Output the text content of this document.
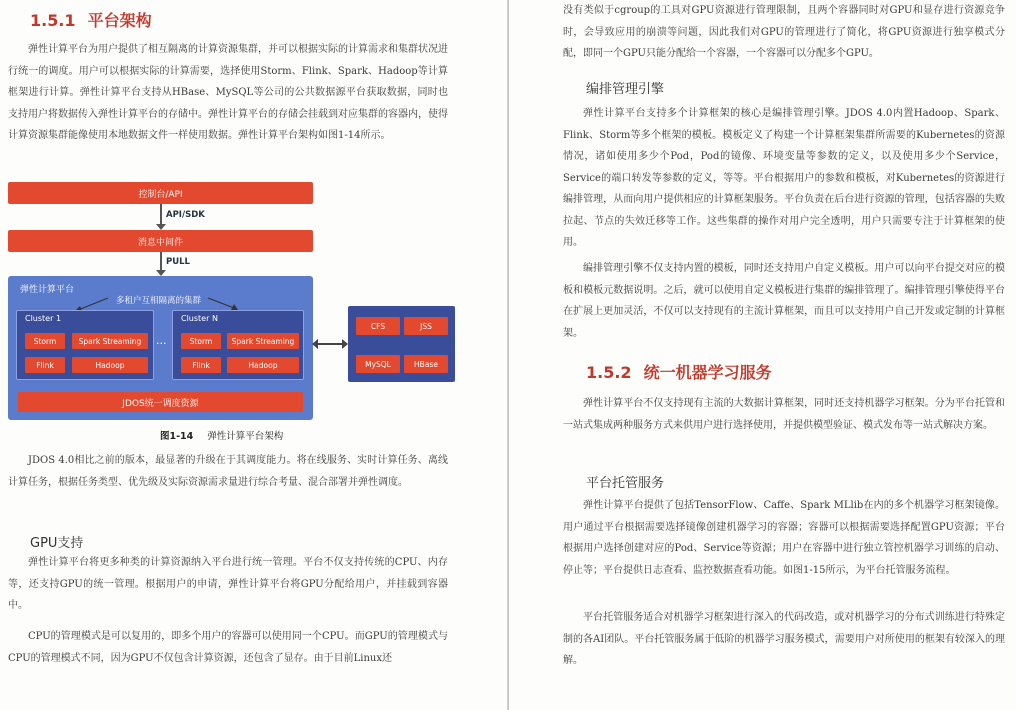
1.5.1 平台架构

弹性计算平台为用户提供了相互隔离的计算资源集群，并可以根据实际的计算需求和集群状况进行统一的调度。用户可以根据实际的计算需要，选择使用Storm、Flink、Spark、Hadoop等计算框架进行计算。弹性计算平台支持从HBase、MySQL等公司的公共数据源平台获取数据，同时也支持用户将数据传入弹性计算平台的存储中。弹性计算平台的存储会挂载到对应集群的容器内，使得计算资源集群能像使用本地数据文件一样使用数据。弹性计算平台架构如图1-14所示。

控制台/API
API/SDK
消息中间件
PULL
弹性计算平台
多租户互相隔离的集群
Cluster 1
Storm	Spark Streaming
Flink	Hadoop
...
Cluster N
Storm	Spark Streaming
Flink	Hadoop
JDOS统一调度资源
CFS	JSS
MySQL	HBase
图1-14 弹性计算平台架构

JDOS 4.0相比之前的版本，最显著的升级在于其调度能力。将在线服务、实时计算任务、离线计算任务，根据任务类型、优先级及实际资源需求量进行综合考量、混合部署并弹性调度。

GPU支持

弹性计算平台将更多种类的计算资源纳入平台进行统一管理。平台不仅支持传统的CPU、内存等，还支持GPU的统一管理。根据用户的申请，弹性计算平台将GPU分配给用户，并挂载到容器中。

CPU的管理模式是可以复用的，即多个用户的容器可以使用同一个CPU。而GPU的管理模式与CPU的管理模式不同，因为GPU不仅包含计算资源，还包含了显存。由于目前Linux还

没有类似于cgroup的工具对GPU资源进行管理限制，且两个容器同时对GPU和显存进行资源竞争时，会导致应用的崩溃等问题，因此我们对GPU的管理进行了简化，将GPU资源进行独享模式分配，即同一个GPU只能分配给一个容器，一个容器可以分配多个GPU。

编排管理引擎

弹性计算平台支持多个计算框架的核心是编排管理引擎。JDOS 4.0内置Hadoop、Spark、Flink、Storm等多个框架的模板。模板定义了构建一个计算框架集群所需要的Kubernetes的资源情况，诸如使用多少个Pod，Pod的镜像、环境变量等参数的定义，以及使用多少个Service，Service的端口转发等参数的定义，等等。平台根据用户的参数和模板，对Kubernetes的资源进行编排管理，从而向用户提供相应的计算框架服务。平台负责在后台进行资源的管理，包括容器的失败拉起、节点的失效迁移等工作。这些集群的操作对用户完全透明，用户只需要专注于计算框架的使用。

编排管理引擎不仅支持内置的模板，同时还支持用户自定义模板。用户可以向平台提交对应的模板和模板元数据说明。之后，就可以使用自定义模板进行集群的编排管理了。编排管理引擎使得平台在扩展上更加灵活，不仅可以支持现有的主流计算框架，而且可以支持用户自己开发或定制的计算框架。

1.5.2 统一机器学习服务

弹性计算平台不仅支持现有主流的大数据计算框架，同时还支持机器学习框架。分为平台托管和一站式集成两种服务方式来供用户进行选择使用，并提供模型验证、模式发布等一站式解决方案。

平台托管服务

弹性计算平台提供了包括TensorFlow、Caffe、Spark MLlib在内的多个机器学习框架镜像。用户通过平台根据需要选择镜像创建机器学习的容器；容器可以根据需要选择配置GPU资源；平台根据用户选择创建对应的Pod、Service等资源；用户在容器中进行独立管控机器学习训练的启动、停止等；平台提供日志查看、监控数据查看功能。如图1-15所示，为平台托管服务流程。

平台托管服务适合对机器学习框架进行深入的代码改造，或对机器学习的分布式训练进行特殊定制的各AI团队。平台托管服务属于低阶的机器学习服务模式，需要用户对所使用的框架有较深入的理解。
